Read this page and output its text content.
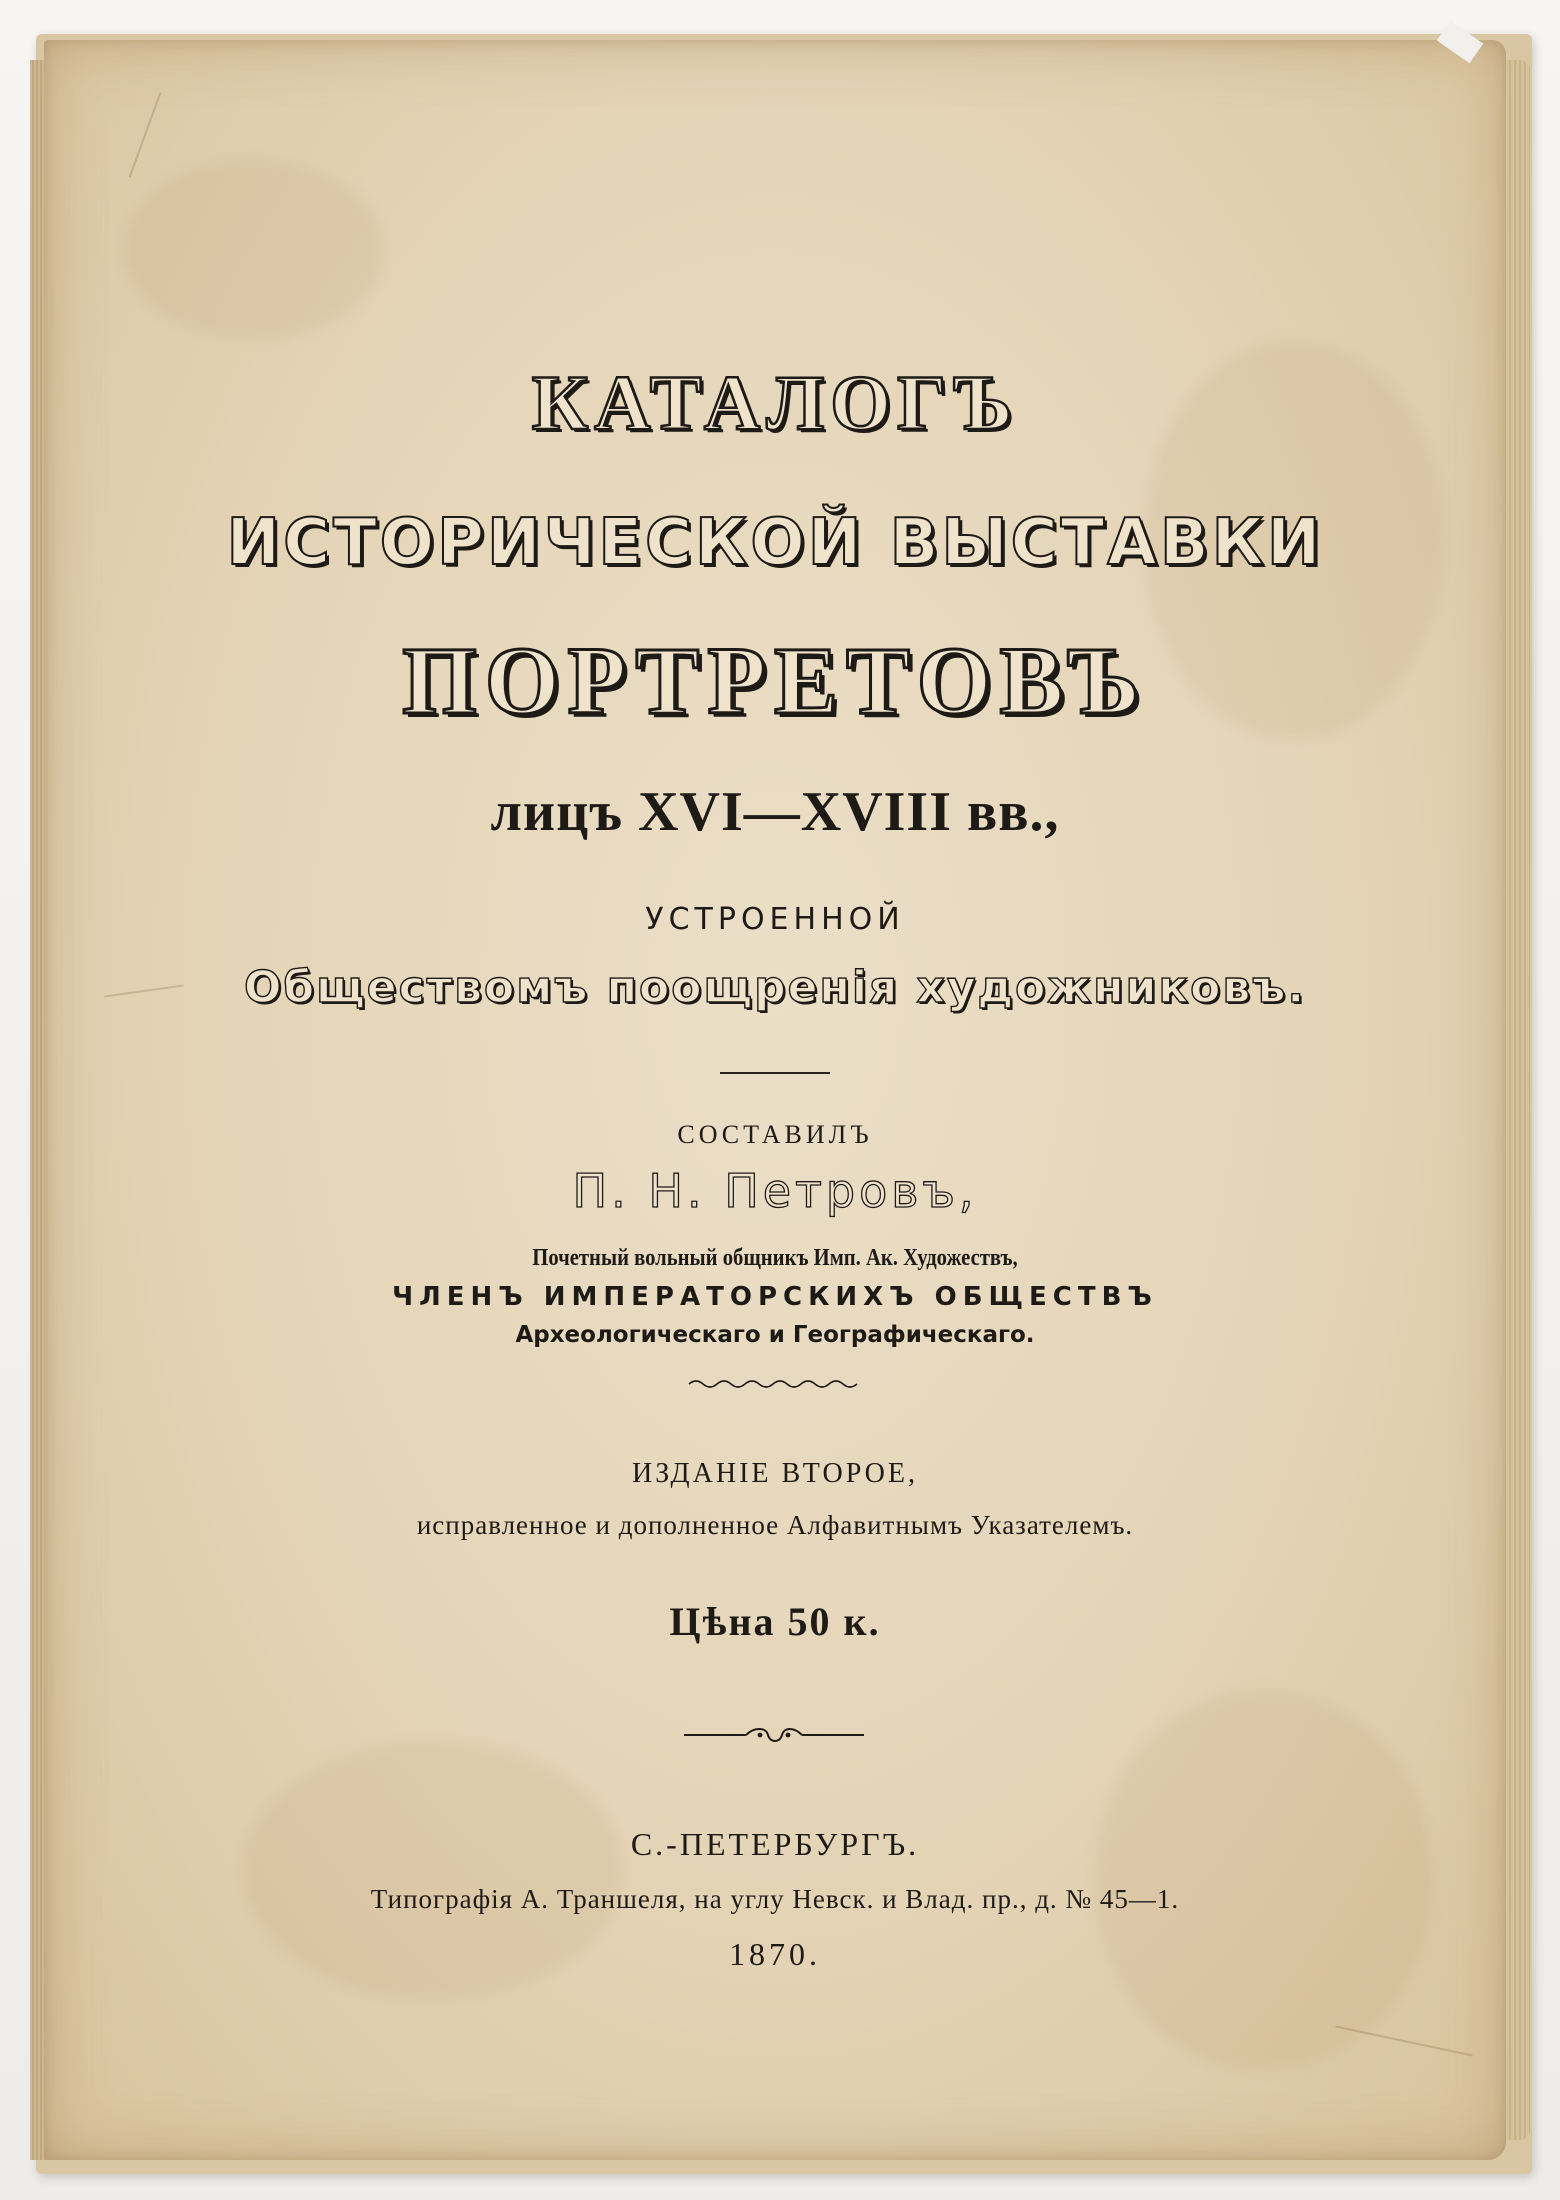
КАТАЛОГЪ
ИСТОРИЧЕСКОЙ ВЫСТАВКИ
ПОРТРЕТОВЪ
лицъ XVI—XVIII вв.,
УСТРОЕННОЙ
Обществомъ поощренія художниковъ.
СОСТАВИЛЪ
П. Н. Петровъ,
Почетный вольный общникъ Имп. Ак. Художествъ,
ЧЛЕНЪ ИМПЕРАТОРСКИХЪ ОБЩЕСТВЪ
Археологическаго и Географическаго.
ИЗДАНІЕ ВТОРОЕ,
исправленное и дополненное Алфавитнымъ Указателемъ.
Цѣна 50 к.
С.-ПЕТЕРБУРГЪ.
Типографія А. Траншеля, на углу Невск. и Влад. пр., д. № 45—1.
1870.
